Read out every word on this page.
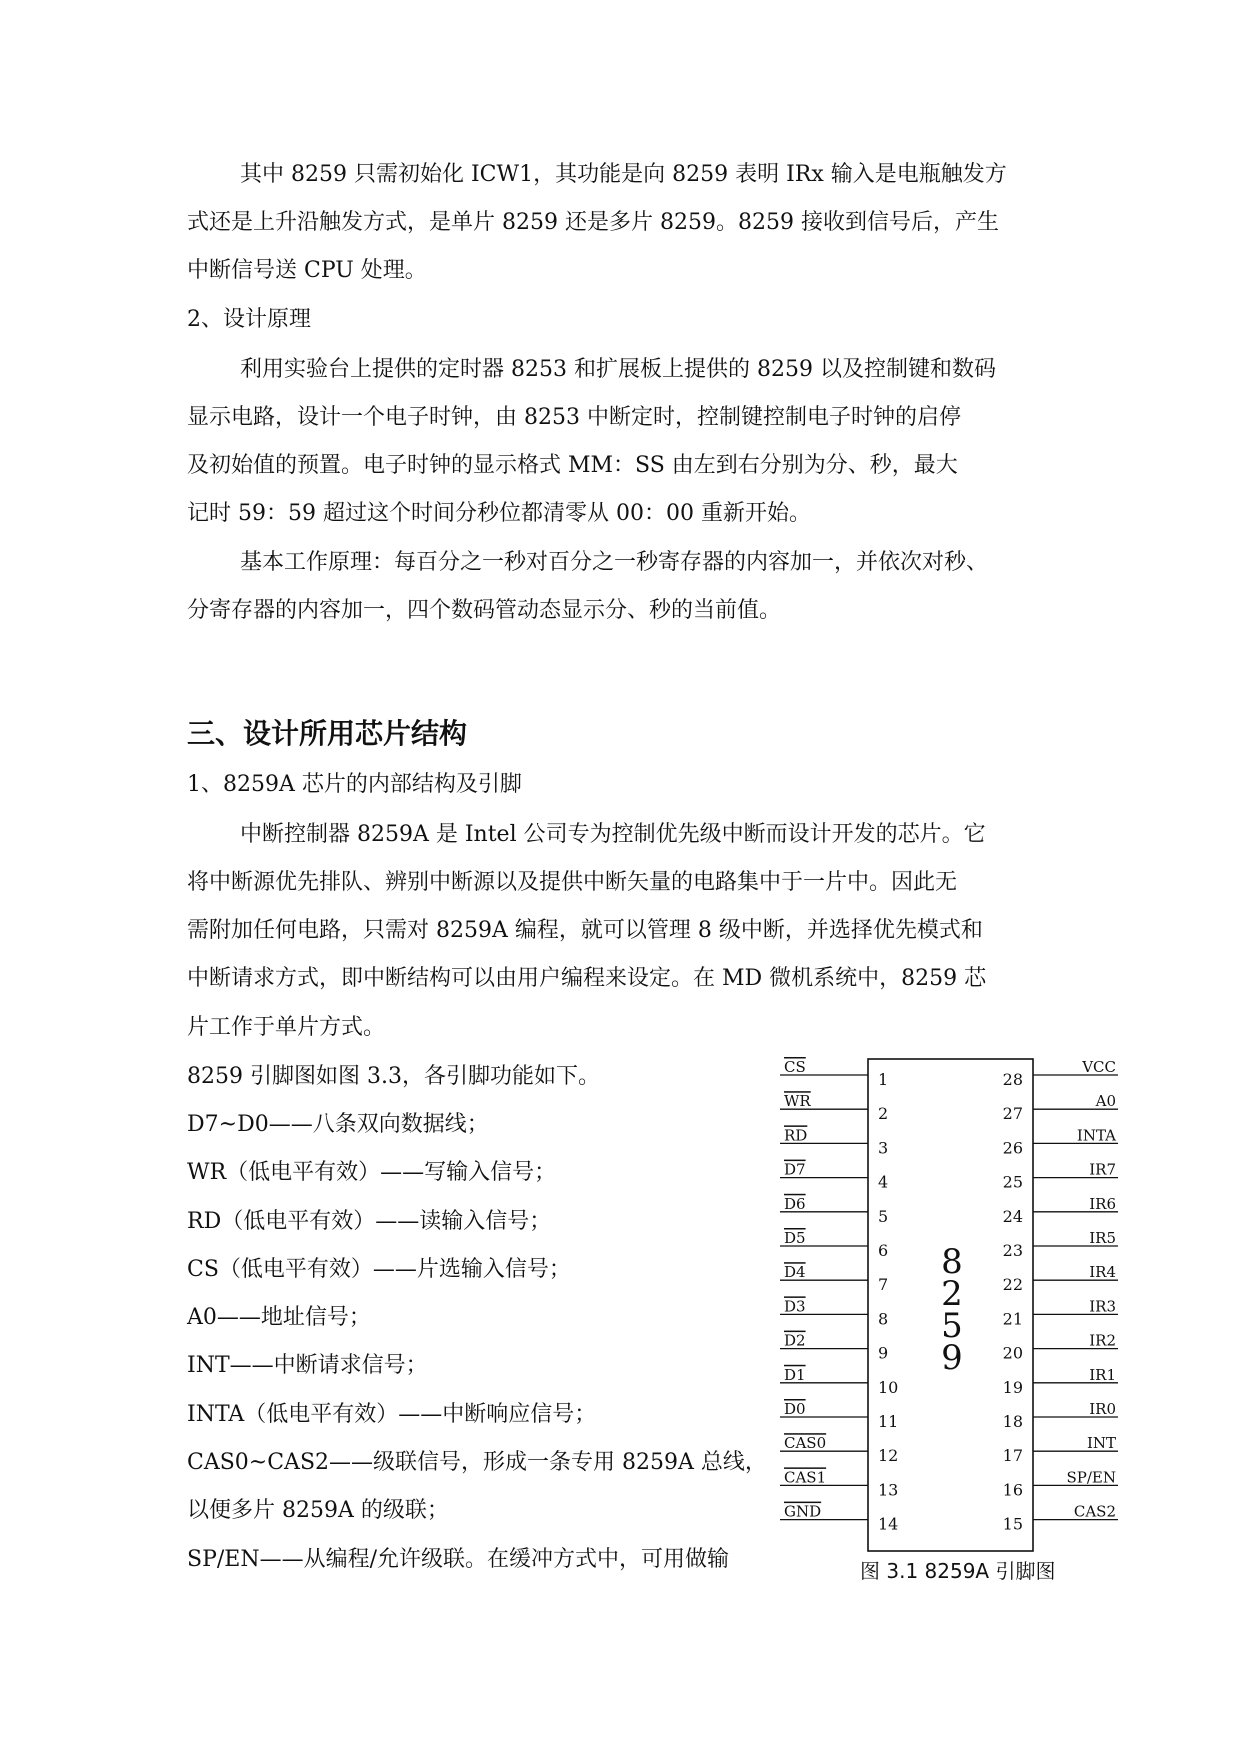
其中 8259 只需初始化 ICW1，其功能是向 8259 表明 IRx 输入是电瓶触发方
式还是上升沿触发方式，是单片 8259 还是多片 8259。8259 接收到信号后，产生
中断信号送 CPU 处理。
2、设计原理
利用实验台上提供的定时器 8253 和扩展板上提供的 8259 以及控制键和数码
显示电路，设计一个电子时钟，由 8253 中断定时，控制键控制电子时钟的启停
及初始值的预置。电子时钟的显示格式 MM：SS 由左到右分别为分、秒，最大
记时 59：59 超过这个时间分秒位都清零从 00：00 重新开始。
基本工作原理：每百分之一秒对百分之一秒寄存器的内容加一，并依次对秒、
分寄存器的内容加一，四个数码管动态显示分、秒的当前值。
三、设计所用芯片结构
1、8259A 芯片的内部结构及引脚
中断控制器 8259A 是 Intel 公司专为控制优先级中断而设计开发的芯片。它
将中断源优先排队、辨别中断源以及提供中断矢量的电路集中于一片中。因此无
需附加任何电路，只需对 8259A 编程，就可以管理 8 级中断，并选择优先模式和
中断请求方式，即中断结构可以由用户编程来设定。在 MD 微机系统中，8259 芯
片工作于单片方式。
8259 引脚图如图 3.3，各引脚功能如下。
D7~D0——八条双向数据线；
WR（低电平有效）——写输入信号；
RD（低电平有效）——读输入信号；
CS（低电平有效）——片选输入信号；
A0——地址信号；
INT——中断请求信号；
INTA（低电平有效）——中断响应信号；
CAS0~CAS2——级联信号，形成一条专用 8259A 总线，
以便多片 8259A 的级联；
SP/EN——从编程/允许级联。在缓冲方式中，可用做输
CS
1
WR
2
RD
3
D7
4
D6
5
D5
6
D4
7
D3
8
D2
9
D1
10
D0
11
CAS0
12
CAS1
13
GND
14
VCC
28
A0
27
INTA
26
IR7
25
IR6
24
IR5
23
IR4
22
IR3
21
IR2
20
IR1
19
IR0
18
INT
17
SP/EN
16
CAS2
15
8
2
5
9
图 3.1 8259A 引脚图
